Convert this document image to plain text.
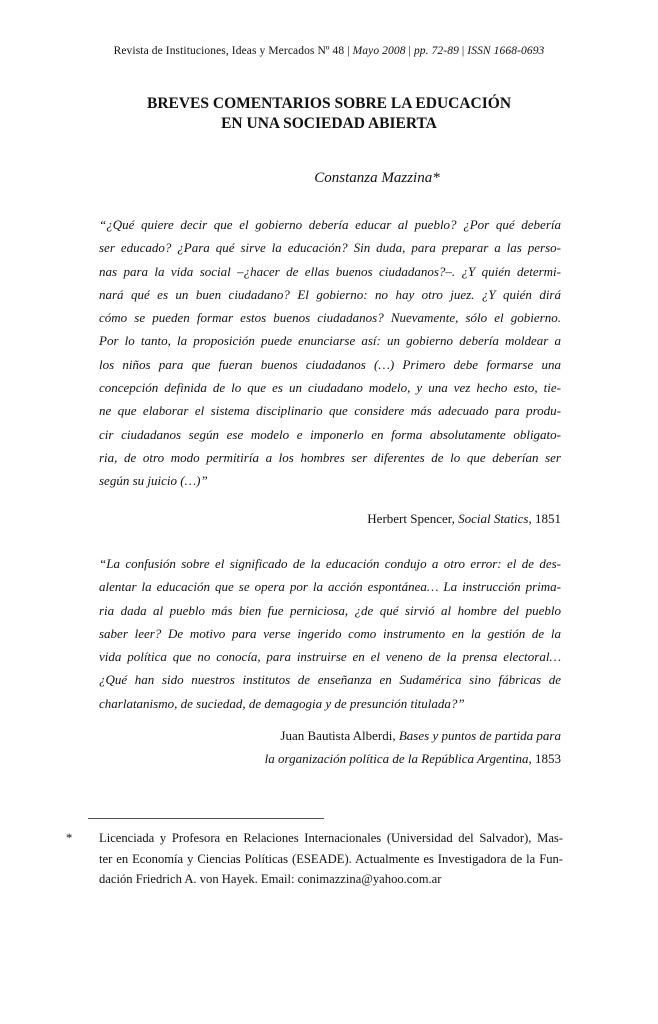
Revista de Instituciones, Ideas y Mercados Nº 48 | Mayo 2008 | pp. 72-89 | ISSN 1668-0693
BREVES COMENTARIOS SOBRE LA EDUCACIÓN
EN UNA SOCIEDAD ABIERTA
Constanza Mazzina*
“¿Qué quiere decir que el gobierno debería educar al pueblo? ¿Por qué debería
ser educado? ¿Para qué sirve la educación? Sin duda, para preparar a las perso-
nas para la vida social –¿hacer de ellas buenos ciudadanos?–. ¿Y quién determi-
nará qué es un buen ciudadano? El gobierno: no hay otro juez. ¿Y quién dirá
cómo se pueden formar estos buenos ciudadanos? Nuevamente, sólo el gobierno.
Por lo tanto, la proposición puede enunciarse así: un gobierno debería moldear a
los niños para que fueran buenos ciudadanos (…) Primero debe formarse una
concepción definida de lo que es un ciudadano modelo, y una vez hecho esto, tie-
ne que elaborar el sistema disciplinario que considere más adecuado para produ-
cir ciudadanos según ese modelo e imponerlo en forma absolutamente obligato-
ria, de otro modo permitiría a los hombres ser diferentes de lo que deberían ser
según su juicio (…)”
Herbert Spencer, Social Statics, 1851
“La confusión sobre el significado de la educación condujo a otro error: el de des-
alentar la educación que se opera por la acción espontánea… La instrucción prima-
ria dada al pueblo más bien fue perniciosa, ¿de qué sirvió al hombre del pueblo
saber leer? De motivo para verse ingerido como instrumento en la gestión de la
vida política que no conocía, para instruirse en el veneno de la prensa electoral…
¿Qué han sido nuestros institutos de enseñanza en Sudamérica sino fábricas de
charlatanismo, de suciedad, de demagogia y de presunción titulada?”
Juan Bautista Alberdi, Bases y puntos de partida para
la organización política de la República Argentina, 1853
* Licenciada y Profesora en Relaciones Internacionales (Universidad del Salvador), Mas-
ter en Economía y Ciencias Políticas (ESEADE). Actualmente es Investigadora de la Fun-
dación Friedrich A. von Hayek. Email: conimazzina@yahoo.com.ar
